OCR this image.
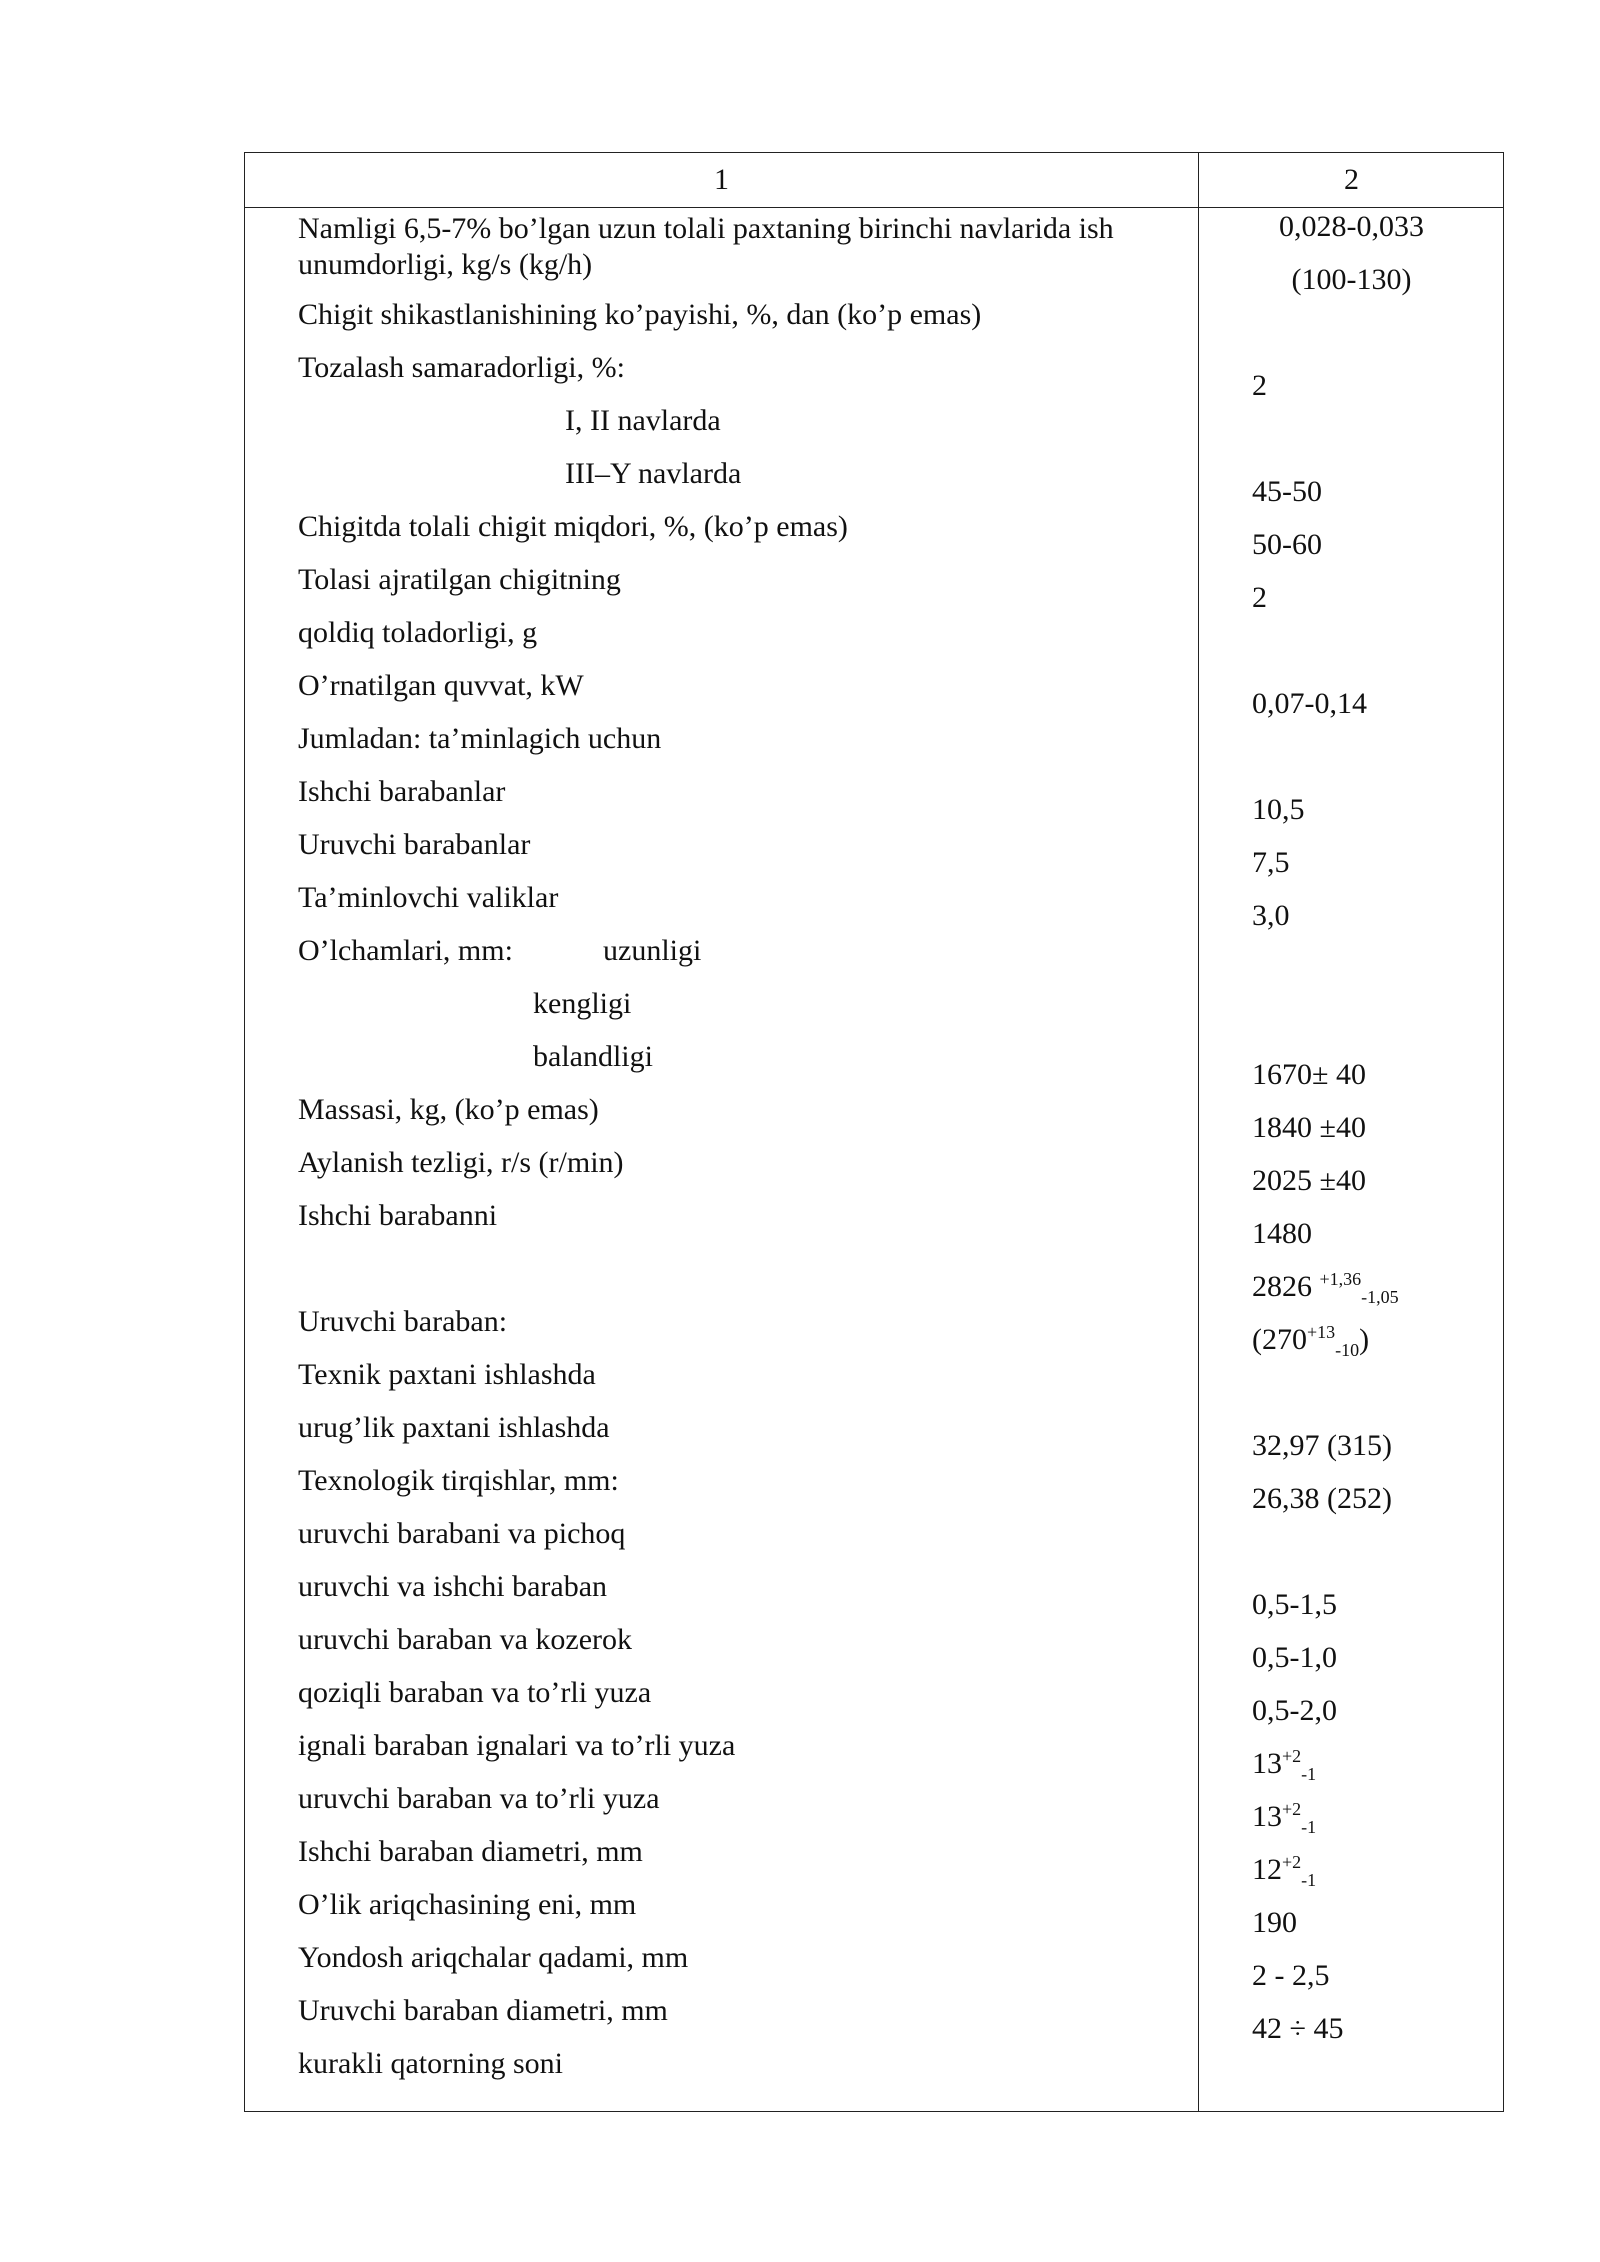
1	2
Namligi 6,5-7% bo’lgan uzun tolali paxtaning birinchi navlarida ish unumdorligi, kg/s (kg/h)
Chigit shikastlanishining ko’payishi, %, dan (ko’p emas)
Tozalash samaradorligi, %:
I, II navlarda
III–Y navlarda
Chigitda tolali chigit miqdori, %, (ko’p emas)
Tolasi ajratilgan chigitning
qoldiq toladorligi, g
O’rnatilgan quvvat, kW
Jumladan: ta’minlagich uchun
Ishchi barabanlar
Uruvchi barabanlar
Ta’minlovchi valiklar
O’lchamlari, mm:	uzunligi
kengligi
balandligi
Massasi, kg, (ko’p emas)
Aylanish tezligi, r/s (r/min)
Ishchi barabanni
Uruvchi baraban:
Texnik paxtani ishlashda
urug’lik paxtani ishlashda
Texnologik tirqishlar, mm:
uruvchi barabani va pichoq
uruvchi va ishchi baraban
uruvchi baraban va kozerok
qoziqli baraban va to’rli yuza
ignali baraban ignalari va to’rli yuza
uruvchi baraban va to’rli yuza
Ishchi baraban diametri, mm
O’lik ariqchasining eni, mm
Yondosh ariqchalar qadami, mm
Uruvchi baraban diametri, mm
kurakli qatorning soni
0,028-0,033
(100-130)
2
45-50
50-60
2
0,07-0,14
10,5
7,5
3,0
1670± 40
1840 ±40
2025 ±40
1480
2826 $^{+1,36}_{-1,05}$
$(270^{+13}_{-10})$
32,97 (315)
26,38 (252)
0,5-1,5
0,5-1,0
0,5-2,0
$13^{+2}_{-1}$
$13^{+2}_{-1}$
$12^{+2}_{-1}$
190
2 - 2,5
42 ÷ 45
